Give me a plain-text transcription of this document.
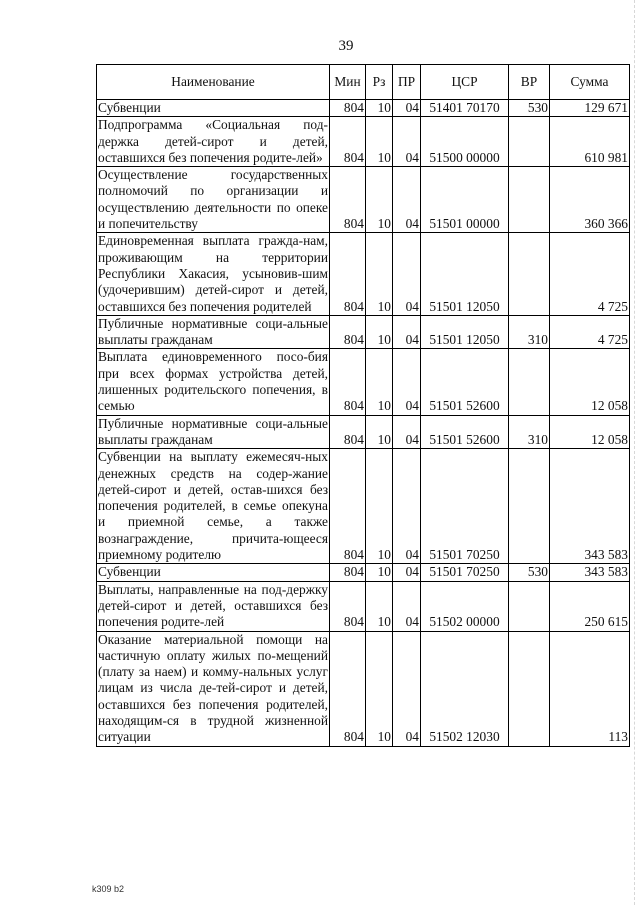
39
Наименование	Мин	Рз	ПР	ЦСР	ВР	Сумма
Субвенции	804	10	04	51401 70170	530	129 671
Подпрограмма «Социальная под-держка детей-сирот и детей, оставшихся без попечения родите-лей»	804	10	04	51500 00000		610 981
Осуществление государственных полномочий по организации и осуществлению деятельности по опеке и попечительству	804	10	04	51501 00000		360 366
Единовременная выплата гражда-нам, проживающим на территории Республики Хакасия, усыновив-шим (удочерившим) детей-сирот и детей, оставшихся без попечения родителей	804	10	04	51501 12050		4 725
Публичные нормативные соци-альные выплаты гражданам	804	10	04	51501 12050	310	4 725
Выплата единовременного посо-бия при всех формах устройства детей, лишенных родительского попечения, в семью	804	10	04	51501 52600		12 058
Публичные нормативные соци-альные выплаты гражданам	804	10	04	51501 52600	310	12 058
Субвенции на выплату ежемесяч-ных денежных средств на содер-жание детей-сирот и детей, остав-шихся без попечения родителей, в семье опекуна и приемной семье, а также вознаграждение, причита-ющееся приемному родителю	804	10	04	51501 70250		343 583
Субвенции	804	10	04	51501 70250	530	343 583
Выплаты, направленные на под-держку детей-сирот и детей, оставшихся без попечения родите-лей	804	10	04	51502 00000		250 615
Оказание материальной помощи на частичную оплату жилых по-мещений (плату за наем) и комму-нальных услуг лицам из числа де-тей-сирот и детей, оставшихся без попечения родителей, находящим-ся в трудной жизненной ситуации	804	10	04	51502 12030		113
k309 b2
